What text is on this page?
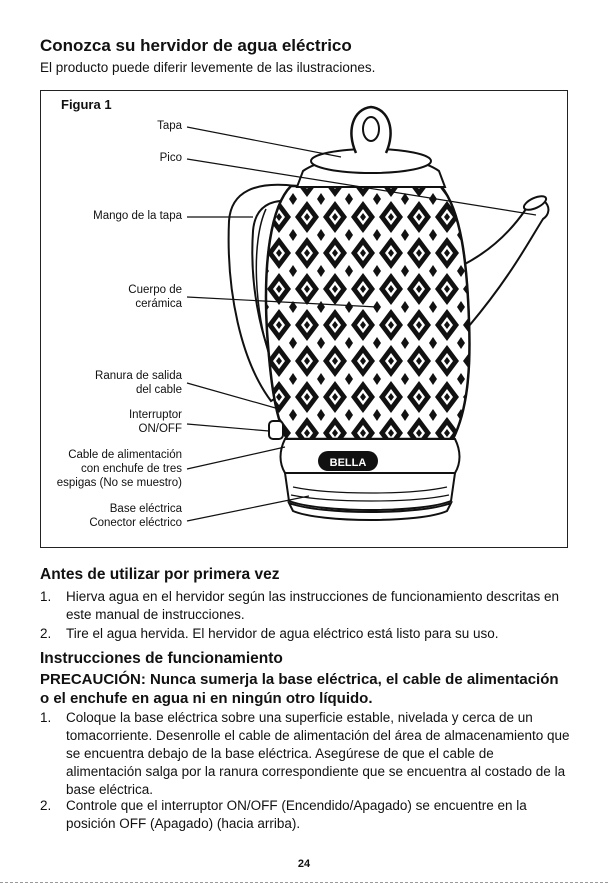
Conozca su hervidor de agua eléctrico

El producto puede diferir levemente de las ilustraciones.

Figura 1
Tapa
Pico
Mango de la tapa
Cuerpo de
cerámica
Ranura de salida
del cable
Interruptor
ON/OFF
Cable de alimentación
con enchufe de tres
espigas (No se muestro)
Base eléctrica
Conector eléctrico
BELLA
Antes de utilizar por primera vez
1. Hierva agua en el hervidor según las instrucciones de funcionamiento descritas en este manual de instrucciones.
2. Tire el agua hervida. El hervidor de agua eléctrico está listo para su uso.
Instrucciones de funcionamiento

PRECAUCIÓN: Nunca sumerja la base eléctrica, el cable de alimentación o el enchufe en agua ni en ningún otro líquido.

1. Coloque la base eléctrica sobre una superficie estable, nivelada y cerca de un tomacorriente. Desenrolle el cable de alimentación del área de almacenamiento que se encuentra debajo de la base eléctrica. Asegúrese de que el cable de alimentación salga por la ranura correspondiente que se encuentra al costado de la base eléctrica.
2. Controle que el interruptor ON/OFF (Encendido/Apagado) se encuentre en la posición OFF (Apagado) (hacia arriba).
24
